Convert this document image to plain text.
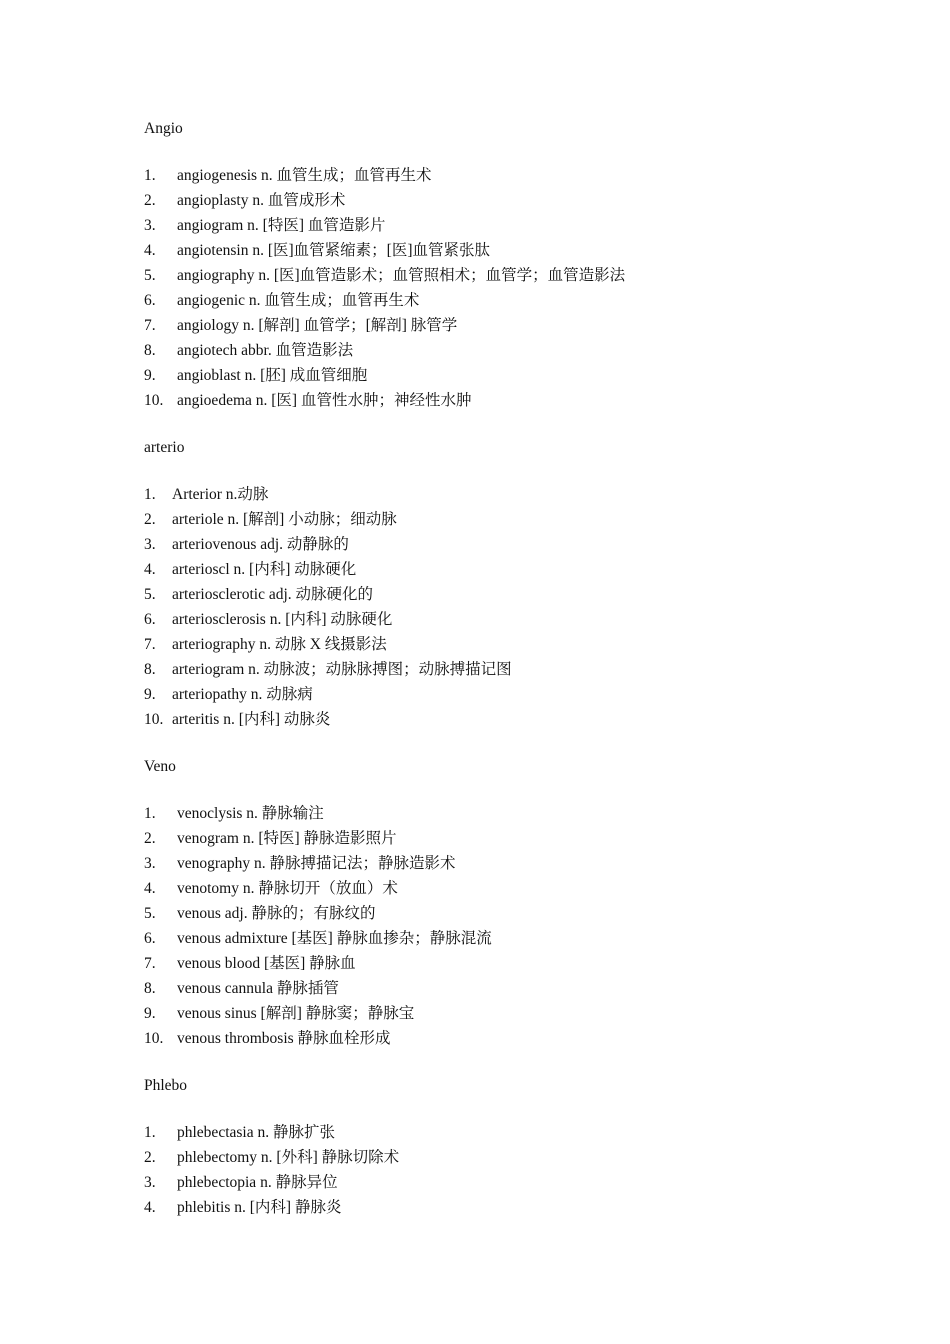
Angio
1.	angiogenesis n. 血管生成；血管再生术
2.	angioplasty n. 血管成形术
3.	angiogram n. [特医] 血管造影片
4.	angiotensin n. [医]血管紧缩素；[医]血管紧张肽
5.	angiography n. [医]血管造影术；血管照相术；血管学；血管造影法
6.	angiogenic n. 血管生成；血管再生术
7.	angiology n. [解剖] 血管学；[解剖] 脉管学
8.	angiotech abbr. 血管造影法
9.	angioblast n. [胚] 成血管细胞
10. angioedema n. [医] 血管性水肿；神经性水肿
arterio
1.	Arterior n.动脉
2.	arteriole n. [解剖] 小动脉；细动脉
3.	arteriovenous adj. 动静脉的
4.	arterioscl n. [内科] 动脉硬化
5.	arteriosclerotic adj. 动脉硬化的
6.	arteriosclerosis n. [内科] 动脉硬化
7.	arteriography n. 动脉 X 线摄影法
8.	arteriogram n. 动脉波；动脉脉搏图；动脉搏描记图
9.	arteriopathy n. 动脉病
10. arteritis n. [内科] 动脉炎
Veno
1.	venoclysis n. 静脉输注
2.	venogram n. [特医] 静脉造影照片
3.	venography n. 静脉搏描记法；静脉造影术
4.	venotomy n. 静脉切开（放血）术
5.	venous adj. 静脉的；有脉纹的
6.	venous admixture [基医] 静脉血掺杂；静脉混流
7.	venous blood [基医] 静脉血
8.	venous cannula 静脉插管
9.	venous sinus [解剖] 静脉窦；静脉宝
10. venous thrombosis 静脉血栓形成
Phlebo
1.	phlebectasia n. 静脉扩张
2.	phlebectomy n. [外科] 静脉切除术
3.	phlebectopia n. 静脉异位
4.	phlebitis n. [内科] 静脉炎
